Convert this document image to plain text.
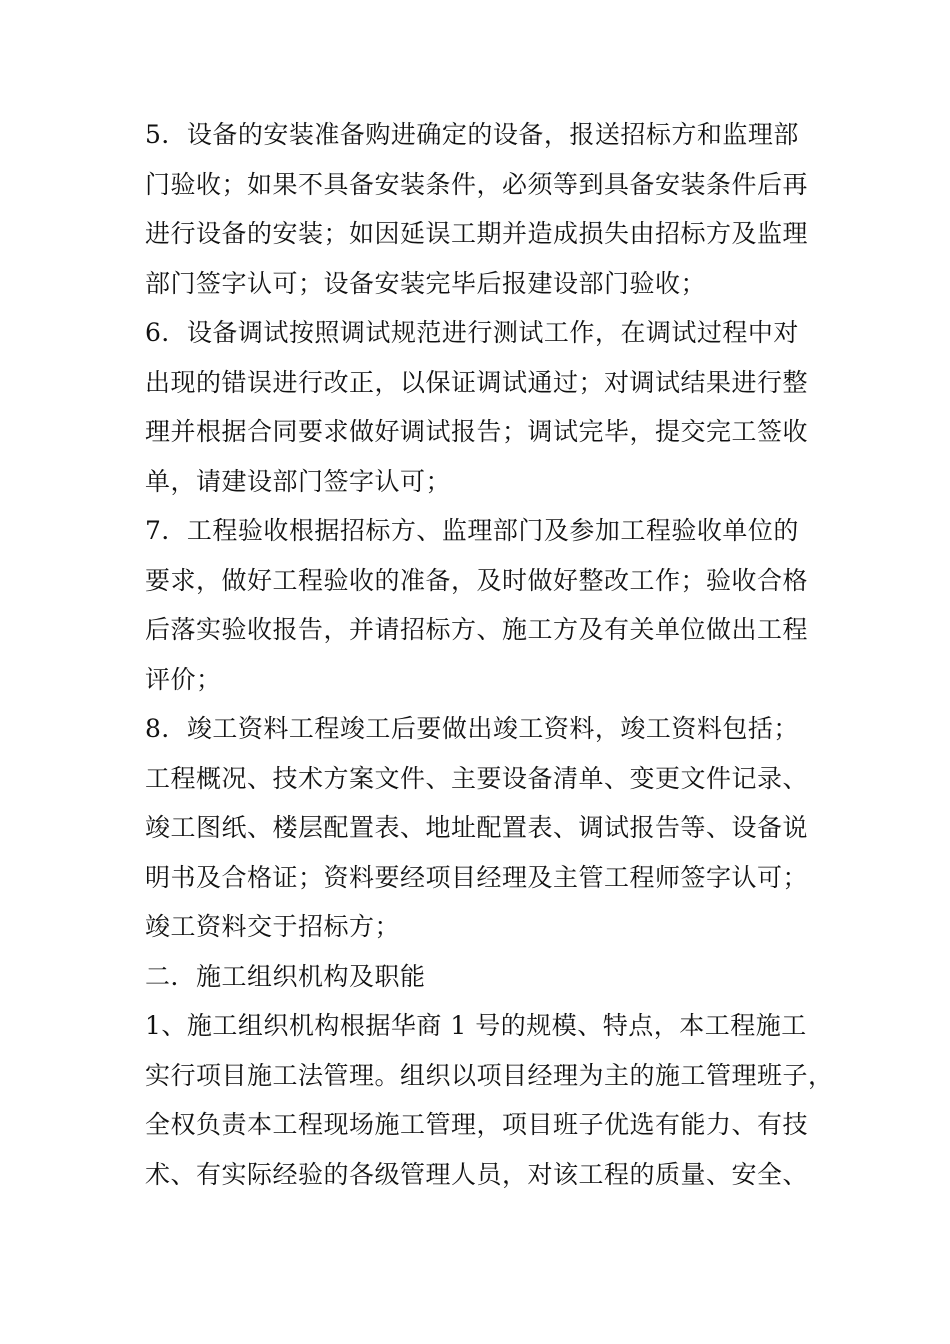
5．设备的安装准备购进确定的设备，报送招标方和监理部
门验收；如果不具备安装条件，必须等到具备安装条件后再
进行设备的安装；如因延误工期并造成损失由招标方及监理
部门签字认可；设备安装完毕后报建设部门验收；
6．设备调试按照调试规范进行测试工作，在调试过程中对
出现的错误进行改正，以保证调试通过；对调试结果进行整
理并根据合同要求做好调试报告；调试完毕，提交完工签收
单，请建设部门签字认可；
7．工程验收根据招标方、监理部门及参加工程验收单位的
要求，做好工程验收的准备，及时做好整改工作；验收合格
后落实验收报告，并请招标方、施工方及有关单位做出工程
评价；
8．竣工资料工程竣工后要做出竣工资料，竣工资料包括；
工程概况、技术方案文件、主要设备清单、变更文件记录、
竣工图纸、楼层配置表、地址配置表、调试报告等、设备说
明书及合格证；资料要经项目经理及主管工程师签字认可；
竣工资料交于招标方；
二．施工组织机构及职能
1、施工组织机构根据华商 1 号的规模、特点，本工程施工
实行项目施工法管理。组织以项目经理为主的施工管理班子，
全权负责本工程现场施工管理，项目班子优选有能力、有技
术、有实际经验的各级管理人员，对该工程的质量、安全、
